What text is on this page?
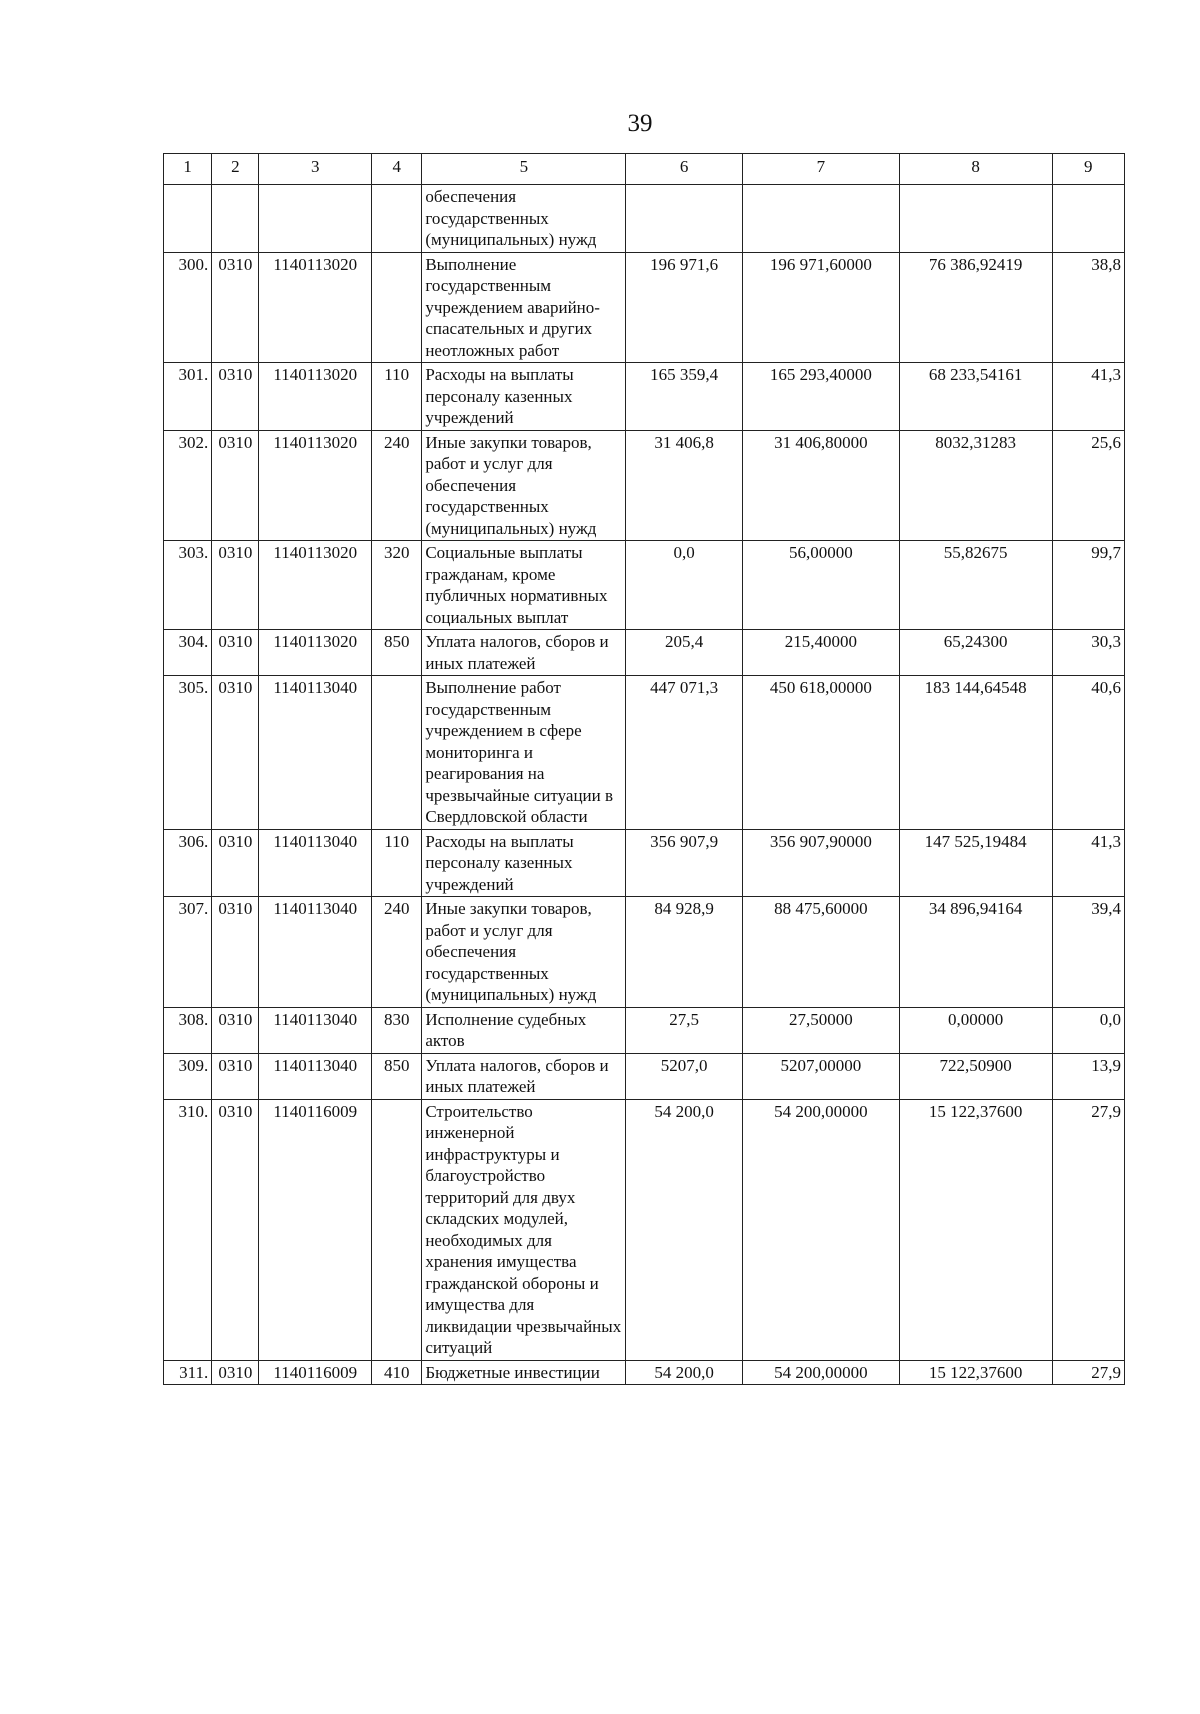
39
1	2	3	4	5	6	7	8	9
				обеспечения государственных (муниципальных) нужд				
300.	0310	1140113020		Выполнение государственным учреждением аварийно-спасательных и других неотложных работ	196 971,6	196 971,60000	76 386,92419	38,8
301.	0310	1140113020	110	Расходы на выплаты персоналу казенных учреждений	165 359,4	165 293,40000	68 233,54161	41,3
302.	0310	1140113020	240	Иные закупки товаров, работ и услуг для обеспечения государственных (муниципальных) нужд	31 406,8	31 406,80000	8032,31283	25,6
303.	0310	1140113020	320	Социальные выплаты гражданам, кроме публичных нормативных социальных выплат	0,0	56,00000	55,82675	99,7
304.	0310	1140113020	850	Уплата налогов, сборов и иных платежей	205,4	215,40000	65,24300	30,3
305.	0310	1140113040		Выполнение работ государственным учреждением в сфере мониторинга и реагирования на чрезвычайные ситуации в Свердловской области	447 071,3	450 618,00000	183 144,64548	40,6
306.	0310	1140113040	110	Расходы на выплаты персоналу казенных учреждений	356 907,9	356 907,90000	147 525,19484	41,3
307.	0310	1140113040	240	Иные закупки товаров, работ и услуг для обеспечения государственных (муниципальных) нужд	84 928,9	88 475,60000	34 896,94164	39,4
308.	0310	1140113040	830	Исполнение судебных актов	27,5	27,50000	0,00000	0,0
309.	0310	1140113040	850	Уплата налогов, сборов и иных платежей	5207,0	5207,00000	722,50900	13,9
310.	0310	1140116009		Строительство инженерной инфраструктуры и благоустройство территорий для двух складских модулей, необходимых для хранения имущества гражданской обороны и имущества для ликвидации чрезвычайных ситуаций	54 200,0	54 200,00000	15 122,37600	27,9
311.	0310	1140116009	410	Бюджетные инвестиции	54 200,0	54 200,00000	15 122,37600	27,9
